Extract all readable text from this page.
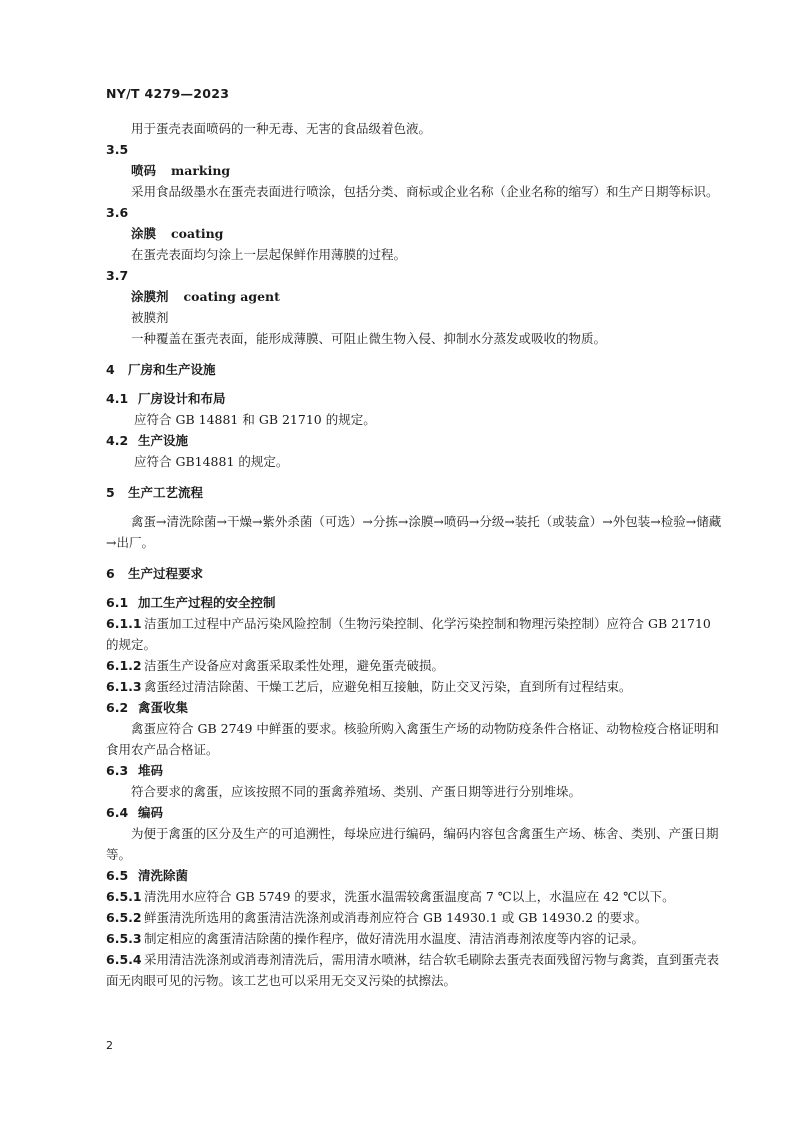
NY/T 4279—2023

用于蛋壳表面喷码的一种无毒、无害的食品级着色液。

3.5

喷码 marking

采用食品级墨水在蛋壳表面进行喷涂，包括分类、商标或企业名称（企业名称的缩写）和生产日期等标识。

3.6

涂膜 coating

在蛋壳表面均匀涂上一层起保鲜作用薄膜的过程。

3.7

涂膜剂 coating agent

被膜剂

一种覆盖在蛋壳表面，能形成薄膜、可阻止微生物入侵、抑制水分蒸发或吸收的物质。

4 厂房和生产设施

4.1 厂房设计和布局

应符合 GB 14881 和 GB 21710 的规定。

4.2 生产设施

应符合 GB14881 的规定。

5 生产工艺流程

禽蛋→清洗除菌→干燥→紫外杀菌（可选）→分拣→涂膜→喷码→分级→装托（或装盒）→外包装→检验→储藏→出厂。

6 生产过程要求

6.1 加工生产过程的安全控制

6.1.1 洁蛋加工过程中产品污染风险控制（生物污染控制、化学污染控制和物理污染控制）应符合 GB 21710 的规定。

6.1.2 洁蛋生产设备应对禽蛋采取柔性处理，避免蛋壳破损。

6.1.3 禽蛋经过清洁除菌、干燥工艺后，应避免相互接触，防止交叉污染，直到所有过程结束。

6.2 禽蛋收集

禽蛋应符合 GB 2749 中鲜蛋的要求。核验所购入禽蛋生产场的动物防疫条件合格证、动物检疫合格证明和食用农产品合格证。

6.3 堆码

符合要求的禽蛋，应该按照不同的蛋禽养殖场、类别、产蛋日期等进行分别堆垛。

6.4 编码

为便于禽蛋的区分及生产的可追溯性，每垛应进行编码，编码内容包含禽蛋生产场、栋舍、类别、产蛋日期等。

6.5 清洗除菌

6.5.1 清洗用水应符合 GB 5749 的要求，洗蛋水温需较禽蛋温度高 7 ℃以上，水温应在 42 ℃以下。

6.5.2 鲜蛋清洗所选用的禽蛋清洁洗涤剂或消毒剂应符合 GB 14930.1 或 GB 14930.2 的要求。

6.5.3 制定相应的禽蛋清洁除菌的操作程序，做好清洗用水温度、清洁消毒剂浓度等内容的记录。

6.5.4 采用清洁洗涤剂或消毒剂清洗后，需用清水喷淋，结合软毛刷除去蛋壳表面残留污物与禽粪，直到蛋壳表面无肉眼可见的污物。该工艺也可以采用无交叉污染的拭擦法。

2
